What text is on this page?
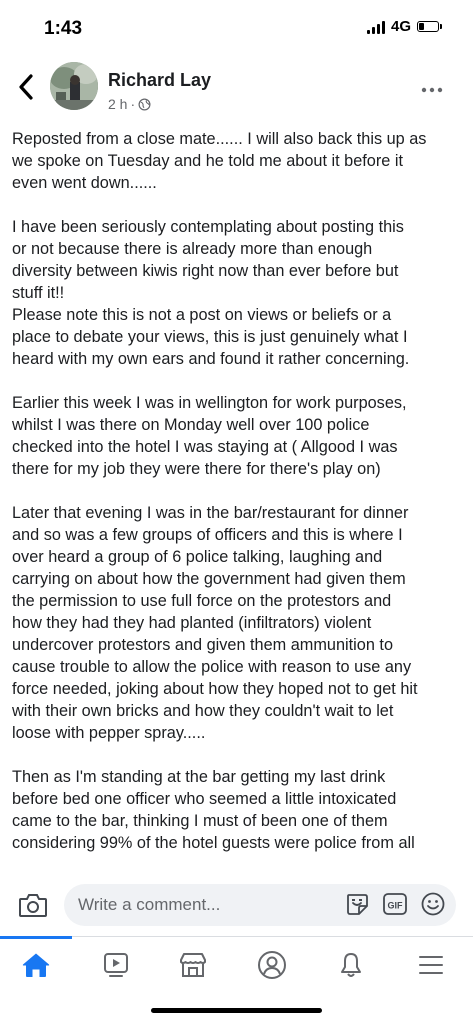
1:43	4G
Richard Lay
2 h ·

Reposted from a close mate...... I will also back this up as
we spoke on Tuesday and he told me about it before it
even went down......

I have been seriously contemplating about posting this
or not because there is already more than enough
diversity between kiwis right now than ever before but
stuff it!!

Please note this is not a post on views or beliefs or a
place to debate your views, this is just genuinely what I
heard with my own ears and found it rather concerning.

Earlier this week I was in wellington for work purposes,
whilst I was there on Monday well over 100 police
checked into the hotel I was staying at ( Allgood I was
there for my job they were there for there's play on)

Later that evening I was in the bar/restaurant for dinner
and so was a few groups of officers and this is where I
over heard a group of 6 police talking, laughing and
carrying on about how the government had given them
the permission to use full force on the protestors and
how they had they had planted (infiltrators) violent
undercover protestors and given them ammunition to
cause trouble to allow the police with reason to use any
force needed, joking about how they hoped not to get hit
with their own bricks and how they couldn't wait to let
loose with pepper spray.....

Then as I'm standing at the bar getting my last drink
before bed one officer who seemed a little intoxicated
came to the bar, thinking I must of been one of them
considering 99% of the hotel guests were police from all

Write a comment...	GIF
